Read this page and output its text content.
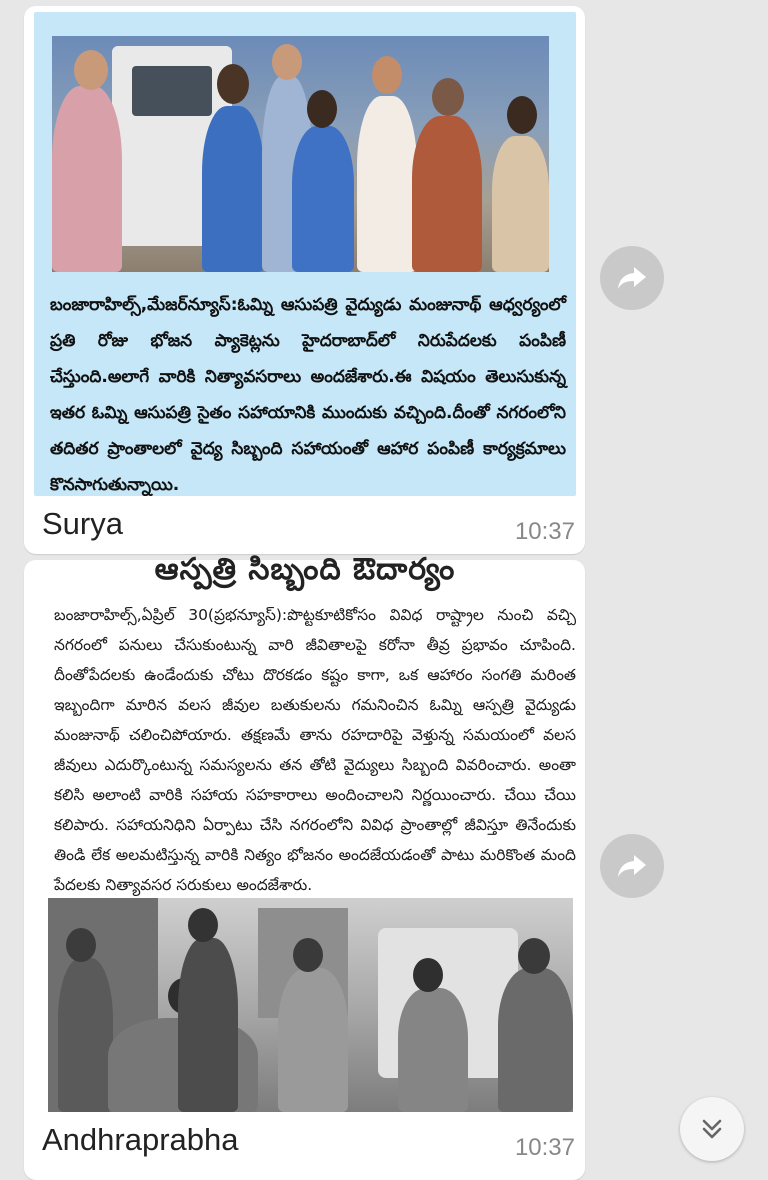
బంజారాహిల్స్,మేజర్‌న్యూస్:ఓమ్ని ఆసుపత్రి వైద్యుడు మంజునాథ్ ఆధ్వర్యంలో ప్రతి రోజు భోజన ప్యాకెట్లను హైదరాబాద్‌లో నిరుపేదలకు పంపిణీ చేస్తుంది.అలాగే వారికి నిత్యావసరాలు అందజేశారు.ఈ విషయం తెలుసుకున్న ఇతర ఓమ్ని ఆసుపత్రి సైతం సహాయానికి ముందుకు వచ్చింది.దీంతో నగరంలోని తదితర ప్రాంతాలలో వైద్య సిబ్బంది సహాయంతో ఆహార పంపిణీ కార్యక్రమాలు కొనసాగుతున్నాయి.
Surya	10:37
ఆస్పత్రి సిబ్బంది ఔదార్యం
బంజారాహిల్స్,ఏప్రిల్ 30(ప్రభన్యూస్):పొట్టకూటికోసం వివిధ రాష్ట్రాల నుంచి వచ్చి నగరంలో పనులు చేసుకుంటున్న వారి జీవితాలపై కరోనా తీవ్ర ప్రభావం చూపింది. దీంతోపేదలకు ఉండేందుకు చోటు దొరకడం కష్టం కాగా, ఒక ఆహారం సంగతి మరింత ఇబ్బందిగా మారిన వలస జీవుల బతుకులను గమనించిన ఓమ్ని ఆస్పత్రి వైద్యుడు మంజునాథ్ చలించిపోయారు. తక్షణమే తాను రహదారిపై వెళ్తున్న సమయంలో వలస జీవులు ఎదుర్కొంటున్న సమస్యలను తన తోటి వైద్యులు సిబ్బంది వివరించారు. అంతా కలిసి అలాంటి వారికి సహాయ సహకారాలు అందించాలని నిర్ణయించారు. చేయి చేయి కలిపారు. సహాయనిధిని ఏర్పాటు చేసి నగరంలోని వివిధ ప్రాంతాల్లో జీవిస్తూ తినేందుకు తిండి లేక అలమటిస్తున్న వారికి నిత్యం భోజనం అందజేయడంతో పాటు మరికొంత మంది పేదలకు నిత్యావసర సరుకులు అందజేశారు.
Andhraprabha	10:37
